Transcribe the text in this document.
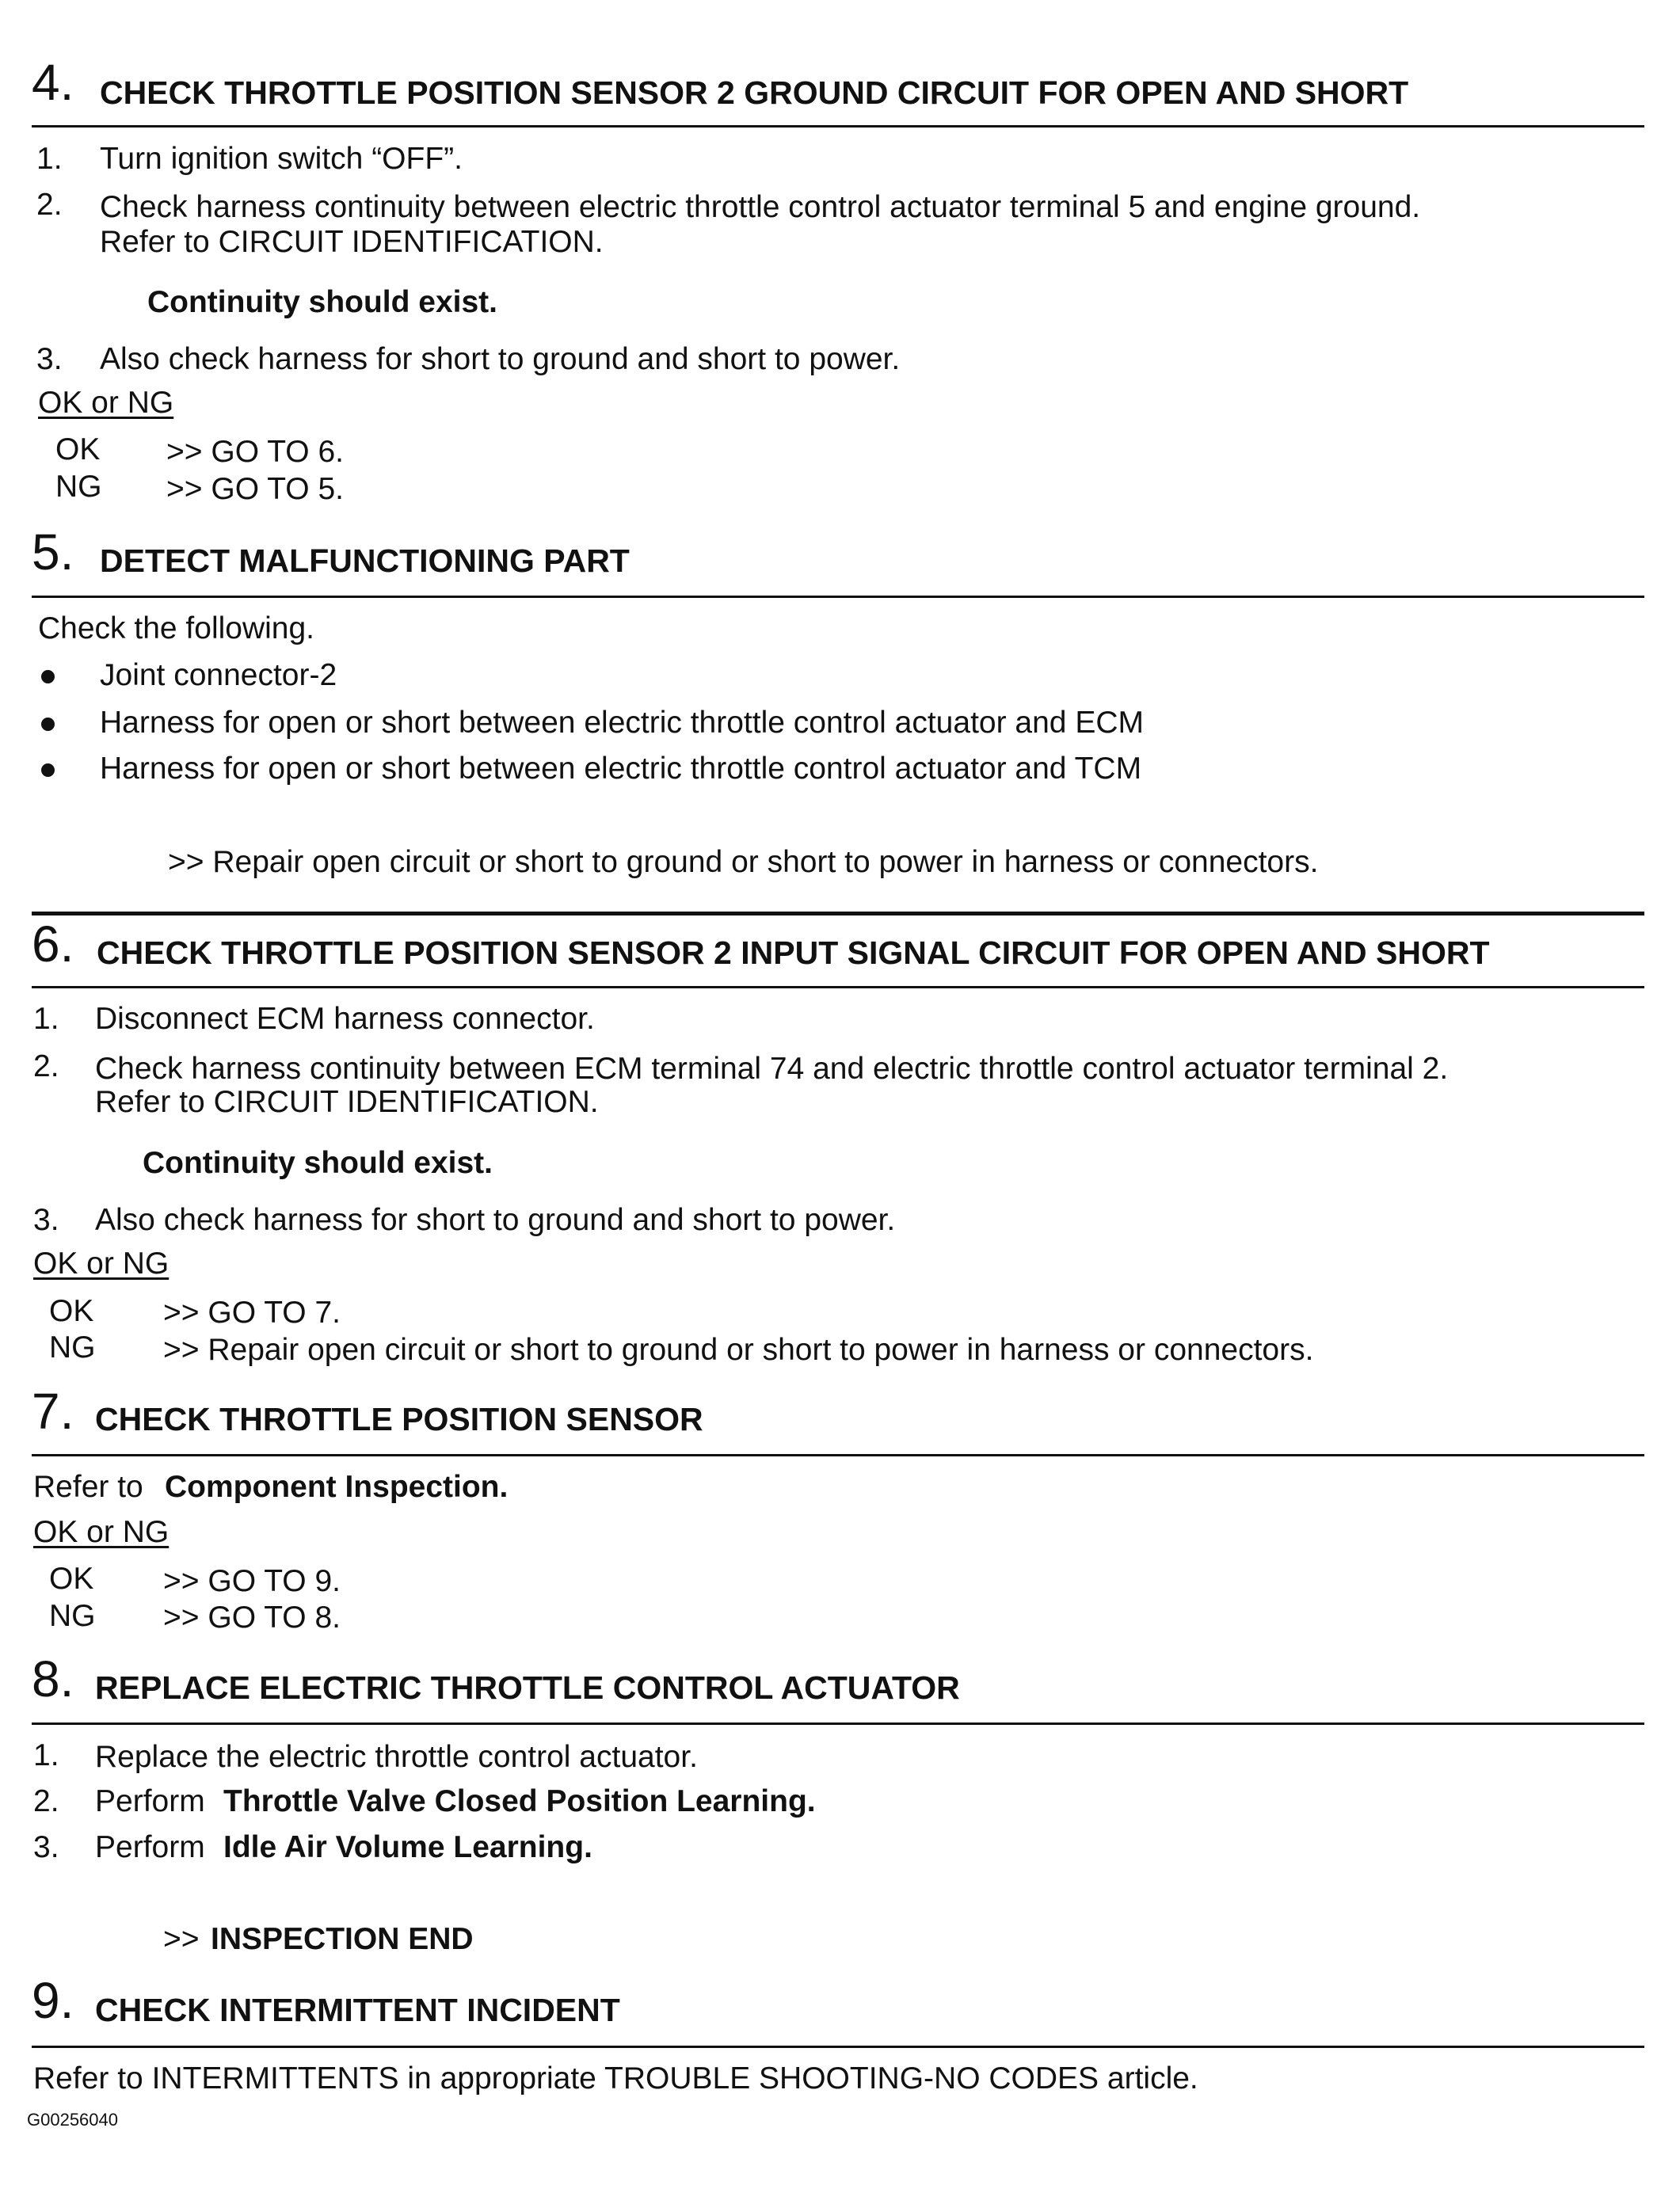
4. CHECK THROTTLE POSITION SENSOR 2 GROUND CIRCUIT FOR OPEN AND SHORT
1. Turn ignition switch “OFF”.
2. Check harness continuity between electric throttle control actuator terminal 5 and engine ground.
Refer to CIRCUIT IDENTIFICATION.
Continuity should exist.
3. Also check harness for short to ground and short to power.
OK or NG
OK >> GO TO 6.
NG >> GO TO 5.
5. DETECT MALFUNCTIONING PART
Check the following.
Joint connector-2
Harness for open or short between electric throttle control actuator and ECM
Harness for open or short between electric throttle control actuator and TCM
>> Repair open circuit or short to ground or short to power in harness or connectors.
6. CHECK THROTTLE POSITION SENSOR 2 INPUT SIGNAL CIRCUIT FOR OPEN AND SHORT
1. Disconnect ECM harness connector.
2. Check harness continuity between ECM terminal 74 and electric throttle control actuator terminal 2.
Refer to CIRCUIT IDENTIFICATION.
Continuity should exist.
3. Also check harness for short to ground and short to power.
OK or NG
OK >> GO TO 7.
NG >> Repair open circuit or short to ground or short to power in harness or connectors.
7. CHECK THROTTLE POSITION SENSOR
Refer to Component Inspection.
OK or NG
OK >> GO TO 9.
NG >> GO TO 8.
8. REPLACE ELECTRIC THROTTLE CONTROL ACTUATOR
1. Replace the electric throttle control actuator.
2. Perform Throttle Valve Closed Position Learning.
3. Perform Idle Air Volume Learning.
>> INSPECTION END
9. CHECK INTERMITTENT INCIDENT
Refer to INTERMITTENTS in appropriate TROUBLE SHOOTING-NO CODES article.
G00256040
